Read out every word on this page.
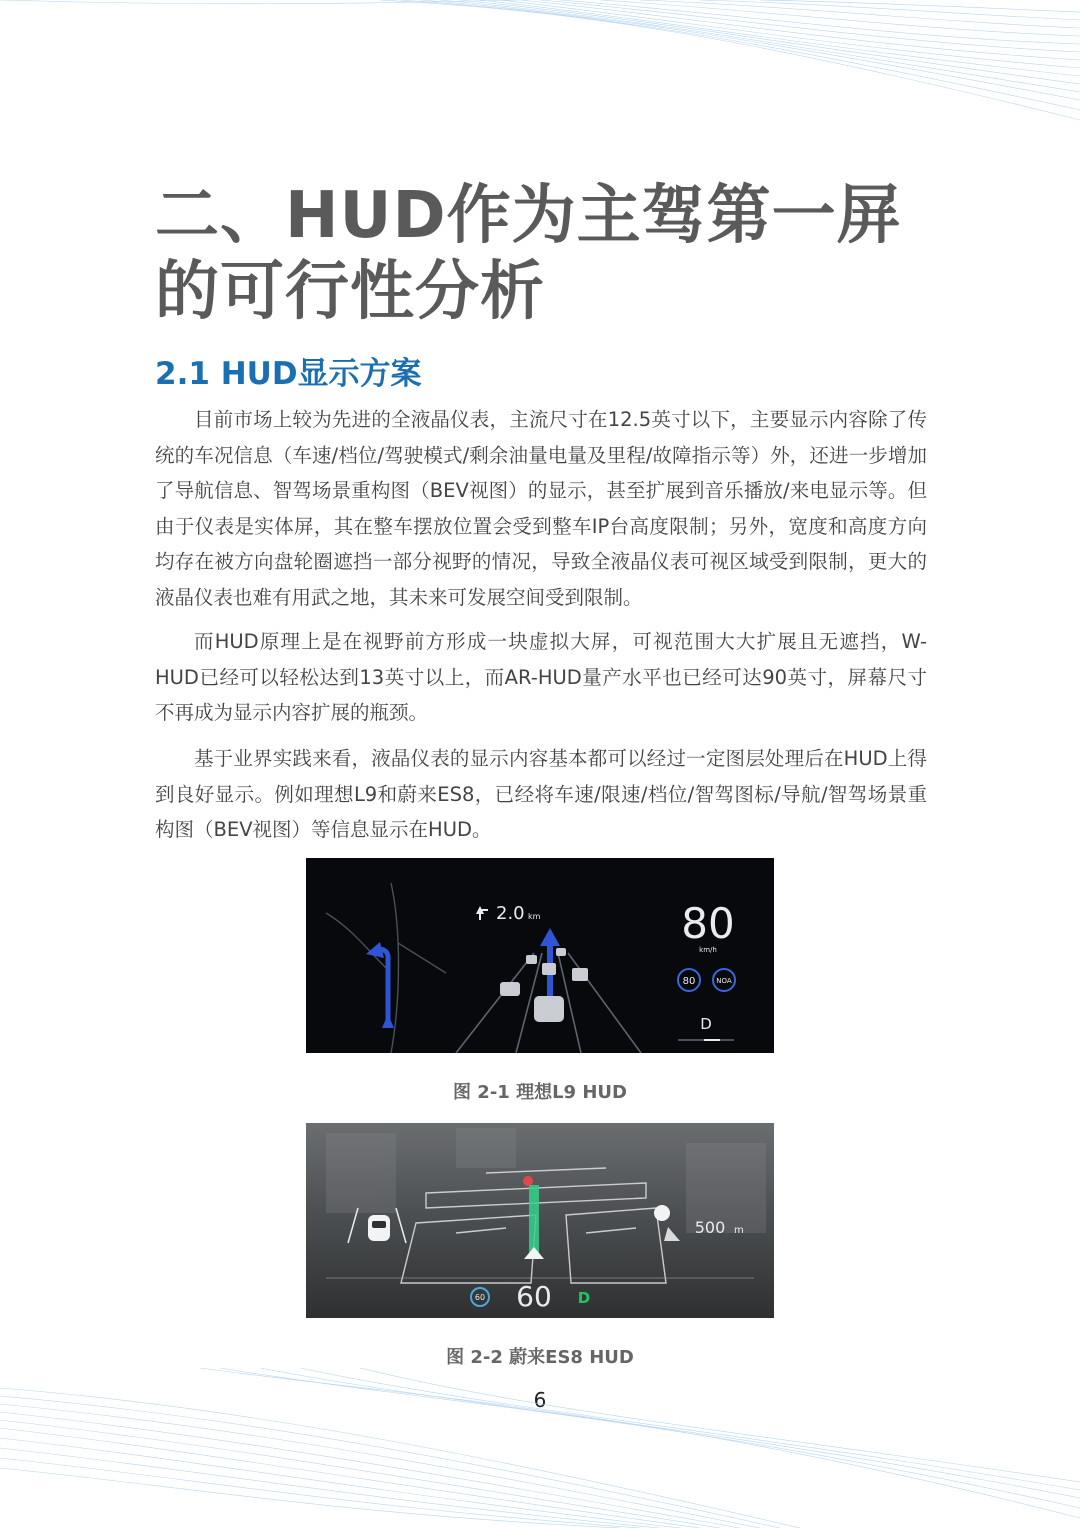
二、HUD作为主驾第一屏的可行性分析
2.1 HUD显示方案

目前市场上较为先进的全液晶仪表，主流尺寸在12.5英寸以下，主要显示内容除了传统的车况信息（车速/档位/驾驶模式/剩余油量电量及里程/故障指示等）外，还进一步增加了导航信息、智驾场景重构图（BEV视图）的显示，甚至扩展到音乐播放/来电显示等。但由于仪表是实体屏，其在整车摆放位置会受到整车IP台高度限制；另外，宽度和高度方向均存在被方向盘轮圈遮挡一部分视野的情况，导致全液晶仪表可视区域受到限制，更大的液晶仪表也难有用武之地，其未来可发展空间受到限制。

而HUD原理上是在视野前方形成一块虚拟大屏，可视范围大大扩展且无遮挡，W-HUD已经可以轻松达到13英寸以上，而AR-HUD量产水平也已经可达90英寸，屏幕尺寸不再成为显示内容扩展的瓶颈。

基于业界实践来看，液晶仪表的显示内容基本都可以经过一定图层处理后在HUD上得到良好显示。例如理想L9和蔚来ES8，已经将车速/限速/档位/智驾图标/导航/智驾场景重构图（BEV视图）等信息显示在HUD。

2.0 km	80
km/h
80	NOA
D

图 2-1 理想L9 HUD

500 m
60 60 D

图 2-2 蔚来ES8 HUD

6
